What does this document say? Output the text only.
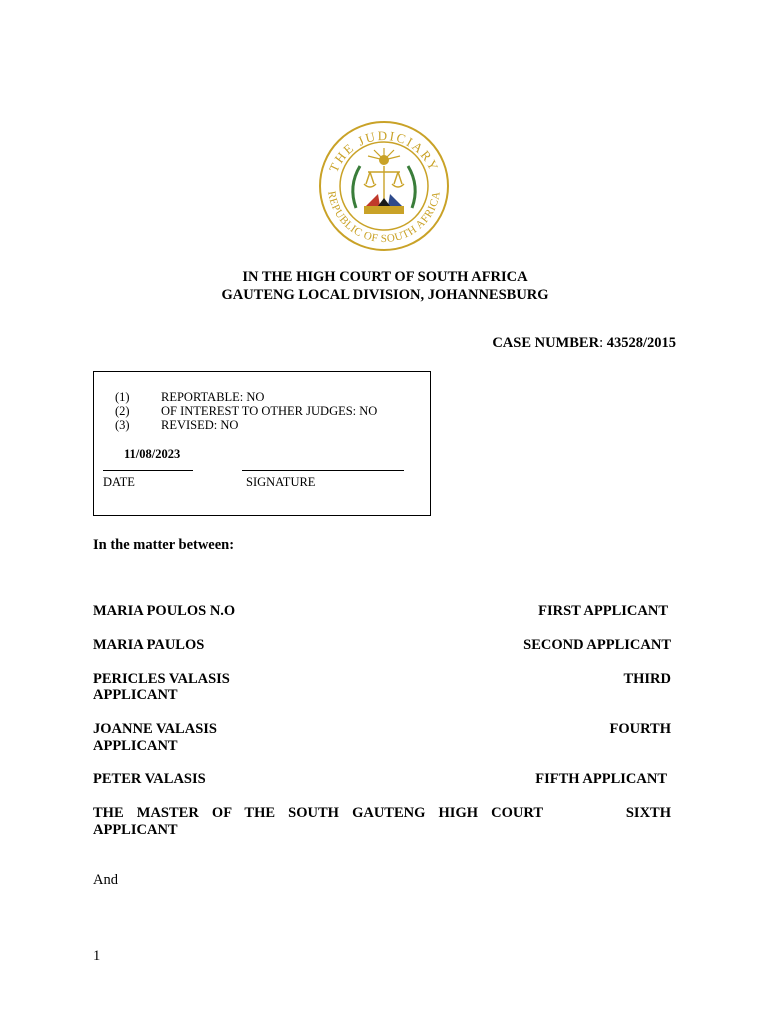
THE JUDICIARY
REPUBLIC OF SOUTH AFRICA
IN THE HIGH COURT OF SOUTH AFRICA
GAUTENG LOCAL DIVISION, JOHANNESBURG
CASE NUMBER: 43528/2015
(1)	REPORTABLE: NO
(2)	OF INTEREST TO OTHER JUDGES: NO
(3)	REVISED: NO
11/08/2023
DATE	SIGNATURE
In the matter between:
MARIA POULOS N.O	FIRST APPLICANT
MARIA PAULOS	SECOND APPLICANT
PERICLES VALASIS	THIRD
APPLICANT
JOANNE VALASIS	FOURTH
APPLICANT
PETER VALASIS	FIFTH APPLICANT
THE MASTER OF THE SOUTH GAUTENG HIGH COURT	SIXTH
APPLICANT
And
1
